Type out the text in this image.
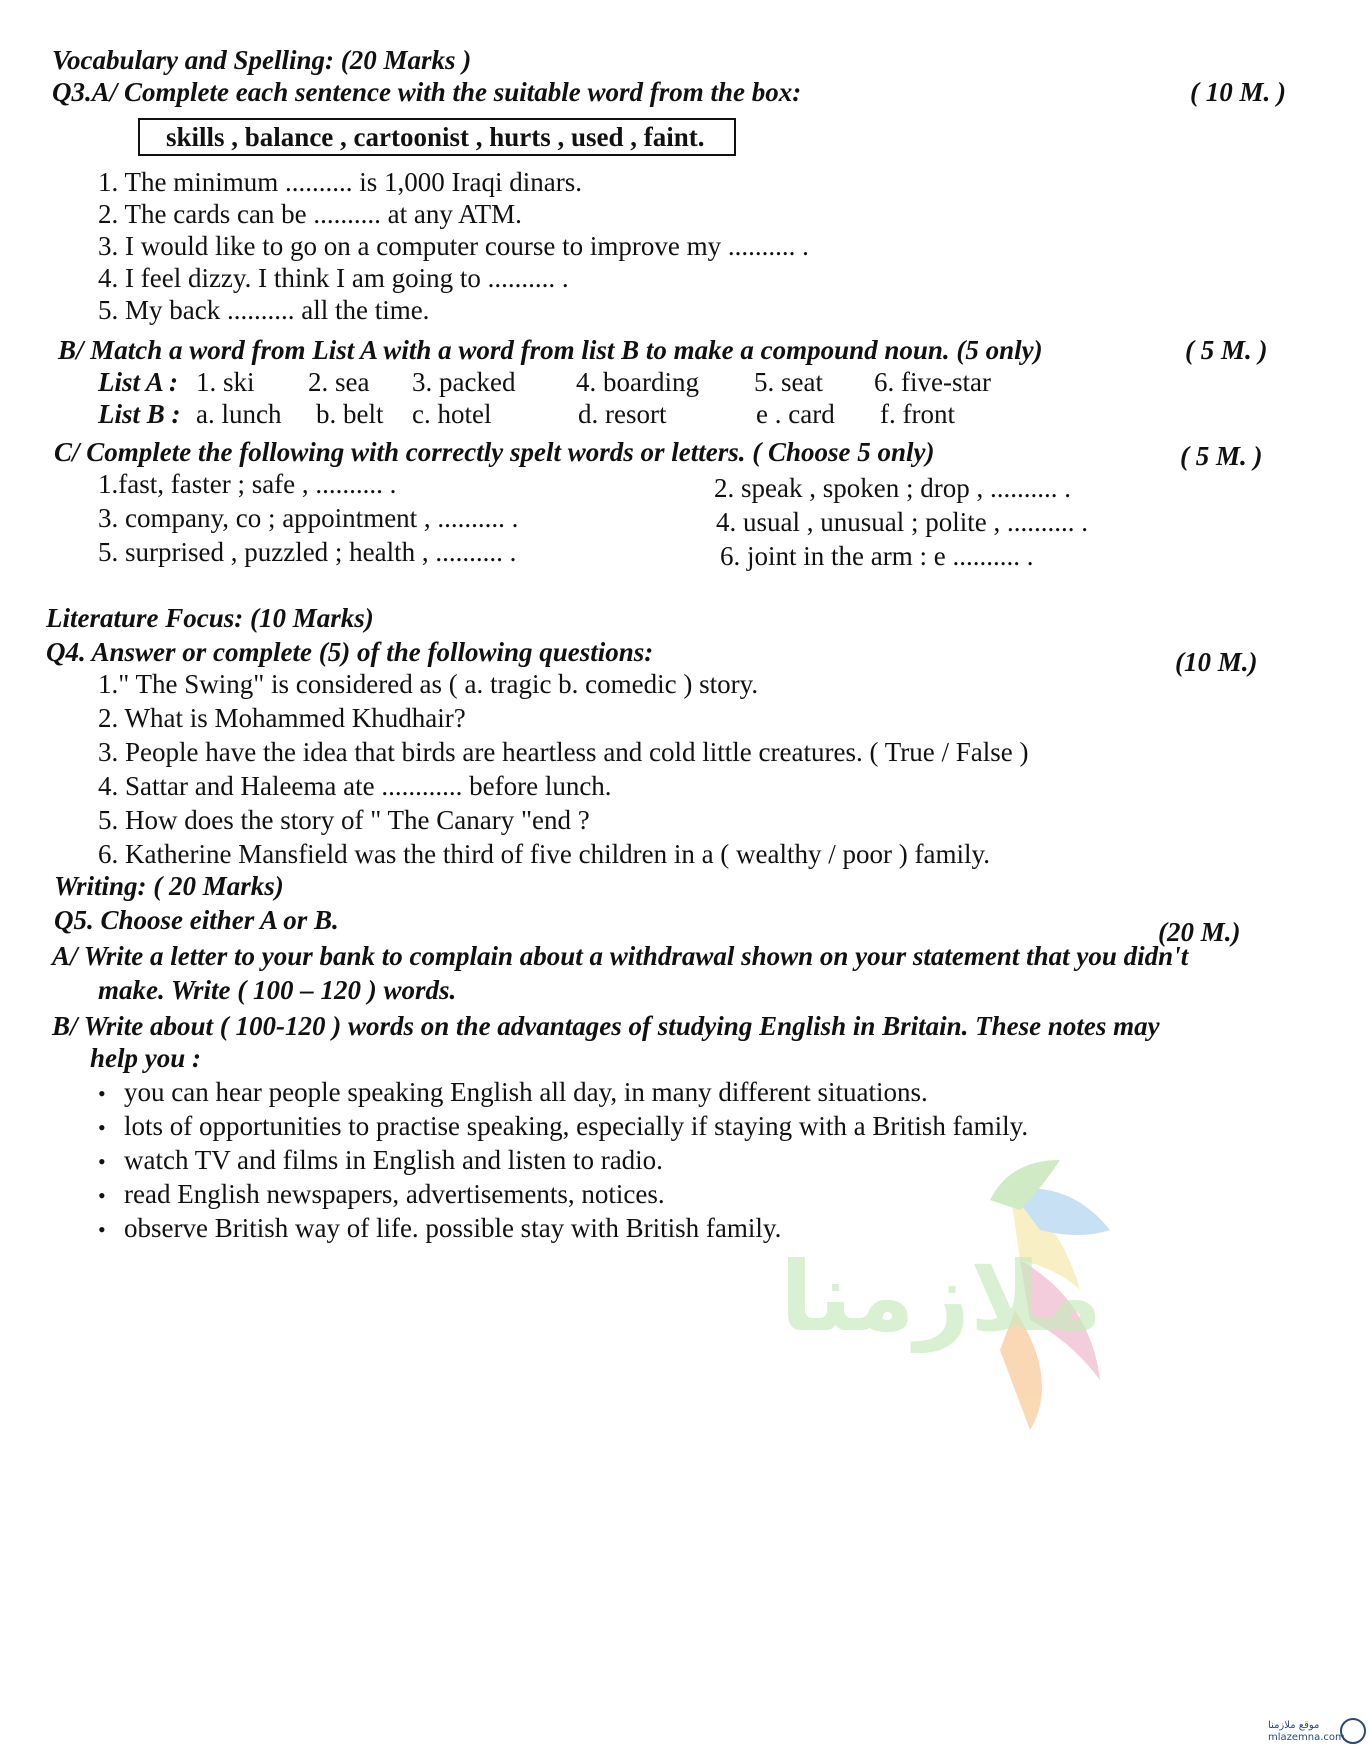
Vocabulary and Spelling: (20 Marks )
Q3.A/ Complete each sentence with the suitable word from the box:	( 10 M. )
skills , balance , cartoonist , hurts , used , faint.
1. The minimum .......... is 1,000 Iraqi dinars.
2. The cards can be .......... at any ATM.
3. I would like to go on a computer course to improve my .......... .
4. I feel dizzy. I think I am going to .......... .
5. My back .......... all the time.
B/ Match a word from List A with a word from list B to make a compound noun. (5 only)	( 5 M. )
List A : 1. ski 2. sea 3. packed 4. boarding 5. seat 6. five-star
List B : a. lunch b. belt c. hotel	d. resort	e . card f. front
C/ Complete the following with correctly spelt words or letters. ( Choose 5 only)	( 5 M. )
1.fast, faster ; safe , .......... .	2. speak , spoken ; drop , .......... .
3. company, co ; appointment , .......... .	4. usual , unusual ; polite , .......... .
5. surprised , puzzled ; health , .......... .	6. joint in the arm : e .......... .
Literature Focus: (10 Marks)
Q4. Answer or complete (5) of the following questions:	(10 M.)
1." The Swing" is considered as ( a. tragic b. comedic ) story.
2. What is Mohammed Khudhair?
3. People have the idea that birds are heartless and cold little creatures. ( True / False )
4. Sattar and Haleema ate ............ before lunch.
5. How does the story of " The Canary "end ?
6. Katherine Mansfield was the third of five children in a ( wealthy / poor ) family.
Writing: ( 20 Marks)
Q5. Choose either A or B.	(20 M.)
A/ Write a letter to your bank to complain about a withdrawal shown on your statement that you didn't
make. Write ( 100 – 120 ) words.
B/ Write about ( 100-120 ) words on the advantages of studying English in Britain. These notes may
help you :
• you can hear people speaking English all day, in many different situations.
• lots of opportunities to practise speaking, especially if staying with a British family.
• watch TV and films in English and listen to radio.
• read English newspapers, advertisements, notices.
• observe British way of life. possible stay with British family.
ملازمنا
موقع ملازمنا
mlazemna.com
